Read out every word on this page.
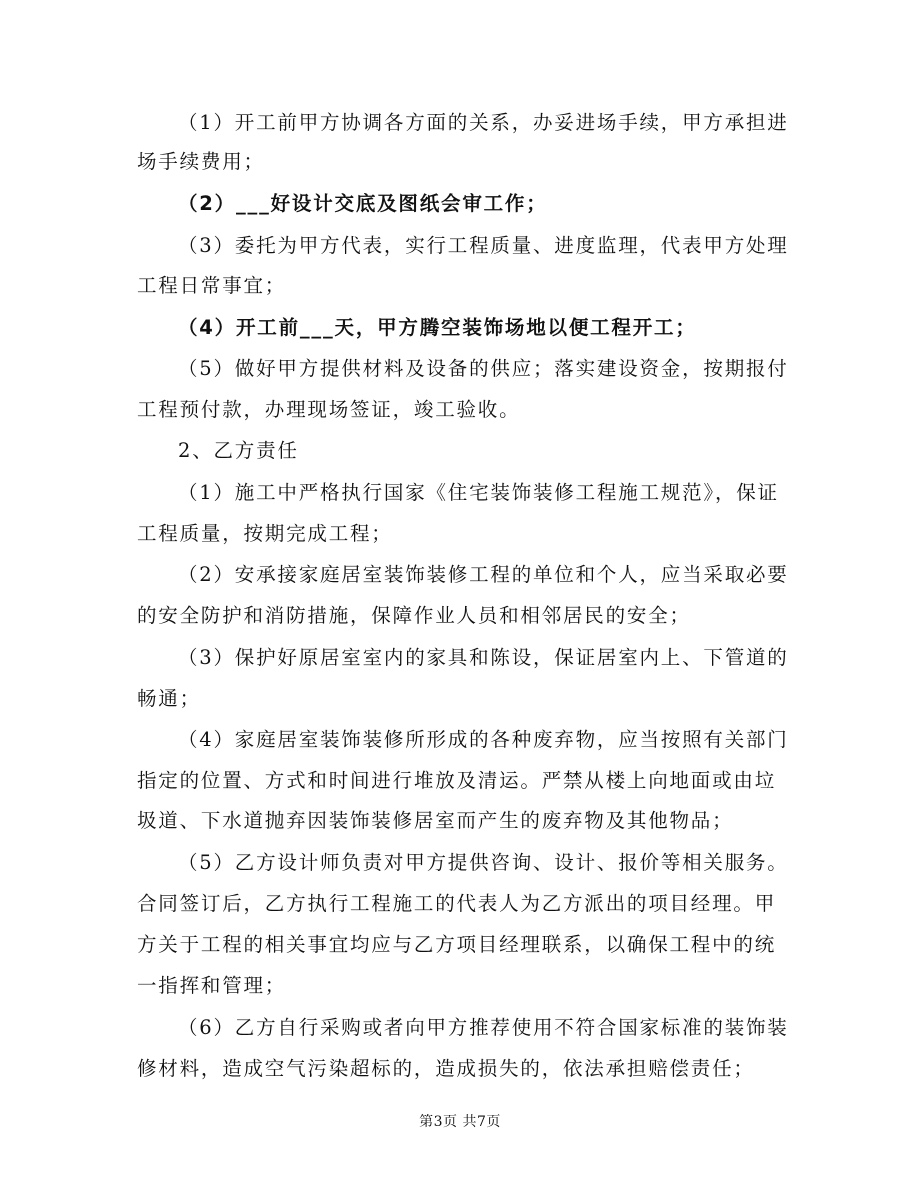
（1）开工前甲方协调各方面的关系，办妥进场手续，甲方承担进
场手续费用；
（2）___好设计交底及图纸会审工作；
（3）委托为甲方代表，实行工程质量、进度监理，代表甲方处理
工程日常事宜；
（4）开工前___天，甲方腾空装饰场地以便工程开工；
（5）做好甲方提供材料及设备的供应；落实建设资金，按期报付
工程预付款，办理现场签证，竣工验收。
2、乙方责任
（1）施工中严格执行国家《住宅装饰装修工程施工规范》，保证
工程质量，按期完成工程；
（2）安承接家庭居室装饰装修工程的单位和个人，应当采取必要
的安全防护和消防措施，保障作业人员和相邻居民的安全；
（3）保护好原居室室内的家具和陈设，保证居室内上、下管道的
畅通；
（4）家庭居室装饰装修所形成的各种废弃物，应当按照有关部门
指定的位置、方式和时间进行堆放及清运。严禁从楼上向地面或由垃
圾道、下水道抛弃因装饰装修居室而产生的废弃物及其他物品；
（5）乙方设计师负责对甲方提供咨询、设计、报价等相关服务。
合同签订后，乙方执行工程施工的代表人为乙方派出的项目经理。甲
方关于工程的相关事宜均应与乙方项目经理联系，以确保工程中的统
一指挥和管理；
（6）乙方自行采购或者向甲方推荐使用不符合国家标准的装饰装
修材料，造成空气污染超标的，造成损失的，依法承担赔偿责任；
第3页 共7页
